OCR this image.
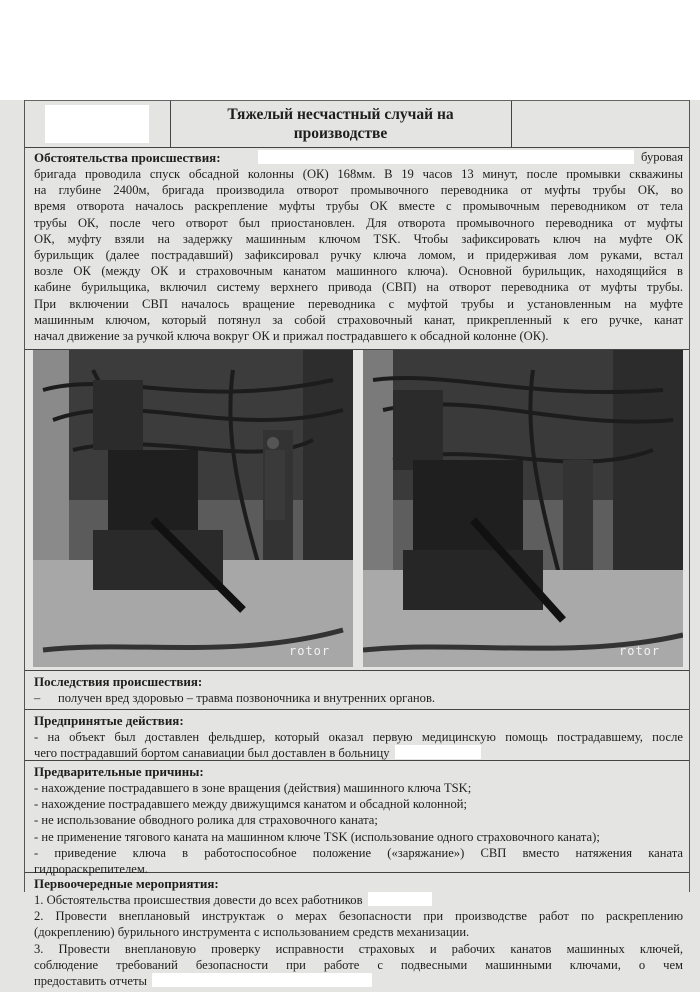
Тяжелый несчастный случай на
производстве
Обстоятельства происшествия:	буровая
бригада проводила спуск обсадной колонны (ОК) 168мм. В 19 часов 13 минут, после промывки скважины
на глубине 2400м, бригада производила отворот промывочного переводника от муфты трубы ОК, во
время отворота началось раскрепление муфты трубы ОК вместе с промывочным переводником от тела
трубы ОК, после чего отворот был приостановлен. Для отворота промывочного переводника от муфты
ОК, муфту взяли на задержку машинным ключом TSK. Чтобы зафиксировать ключ на муфте ОК
бурильщик (далее пострадавший) зафиксировал ручку ключа ломом, и придерживая лом руками, встал
возле ОК (между ОК и страховочным канатом машинного ключа). Основной бурильщик, находящийся в
кабине бурильщика, включил систему верхнего привода (СВП) на отворот переводника от муфты трубы.
При включении СВП началось вращение переводника с муфтой трубы и установленным на муфте
машинным ключом, который потянул за собой страховочный канат, прикрепленный к его ручке, канат
начал движение за ручкой ключа вокруг ОК и прижал пострадавшего к обсадной колонне (ОК).
rotor	rotor
Последствия происшествия:
– получен вред здоровью – травма позвоночника и внутренних органов.
Предпринятые действия:
- на объект был доставлен фельдшер, который оказал первую медицинскую помощь пострадавшему, после
чего пострадавший бортом санавиации был доставлен в больницу
Предварительные причины:
- нахождение пострадавшего в зоне вращения (действия) машинного ключа TSK;
- нахождение пострадавшего между движущимся канатом и обсадной колонной;
- не использование обводного ролика для страховочного каната;
- не применение тягового каната на машинном ключе TSK (использование одного страховочного каната);
- приведение ключа в работоспособное положение («заряжание») СВП вместо натяжения каната
гидрораскрепителем.
Первоочередные мероприятия:
1. Обстоятельства происшествия довести до всех работников
2. Провести внеплановый инструктаж о мерах безопасности при производстве работ по раскреплению
(докреплению) бурильного инструмента с использованием средств механизации.
3. Провести внеплановую проверку исправности страховых и рабочих канатов машинных ключей,
соблюдение требований безопасности при работе с подвесными машинными ключами, о чем
предоставить отчеты
